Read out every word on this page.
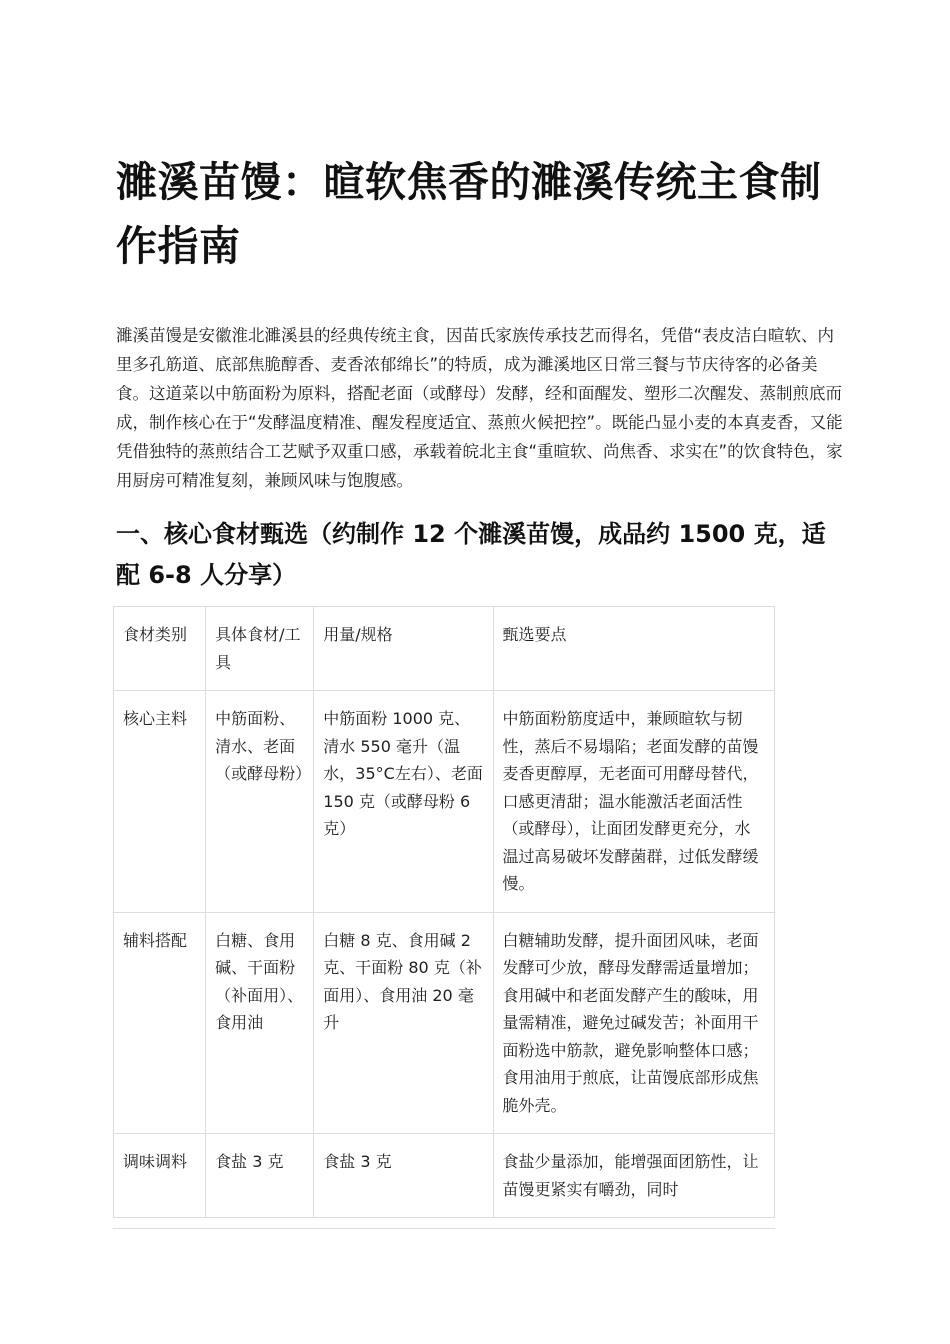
濉溪苗馒：暄软焦香的濉溪传统主食制作指南

濉溪苗馒是安徽淮北濉溪县的经典传统主食，因苗氏家族传承技艺而得名，凭借“表皮洁白暄软、内里多孔筋道、底部焦脆醇香、麦香浓郁绵长”的特质，成为濉溪地区日常三餐与节庆待客的必备美食。这道菜以中筋面粉为原料，搭配老面（或酵母）发酵，经和面醒发、塑形二次醒发、蒸制煎底而成，制作核心在于“发酵温度精准、醒发程度适宜、蒸煎火候把控”。既能凸显小麦的本真麦香，又能凭借独特的蒸煎结合工艺赋予双重口感，承载着皖北主食“重暄软、尚焦香、求实在”的饮食特色，家用厨房可精准复刻，兼顾风味与饱腹感。

一、核心食材甄选（约制作 12 个濉溪苗馒，成品约 1500 克，适配 6-8 人分享）
食材类别	具体食材/工具	用量/规格	甄选要点
核心主料	中筋面粉、清水、老面（或酵母粉）	中筋面粉 1000 克、清水 550 毫升（温水，35°C左右）、老面 150 克（或酵母粉 6 克）	中筋面粉筋度适中，兼顾暄软与韧性，蒸后不易塌陷；老面发酵的苗馒麦香更醇厚，无老面可用酵母替代，口感更清甜；温水能激活老面活性（或酵母），让面团发酵更充分，水温过高易破坏发酵菌群，过低发酵缓慢。
辅料搭配	白糖、食用碱、干面粉（补面用）、食用油	白糖 8 克、食用碱 2 克、干面粉 80 克（补面用）、食用油 20 毫升	白糖辅助发酵，提升面团风味，老面发酵可少放，酵母发酵需适量增加；食用碱中和老面发酵产生的酸味，用量需精准，避免过碱发苦；补面用干面粉选中筋款，避免影响整体口感；食用油用于煎底，让苗馒底部形成焦脆外壳。
调味调料	食盐 3 克	食盐 3 克	食盐少量添加，能增强面团筋性，让苗馒更紧实有嚼劲，同时
